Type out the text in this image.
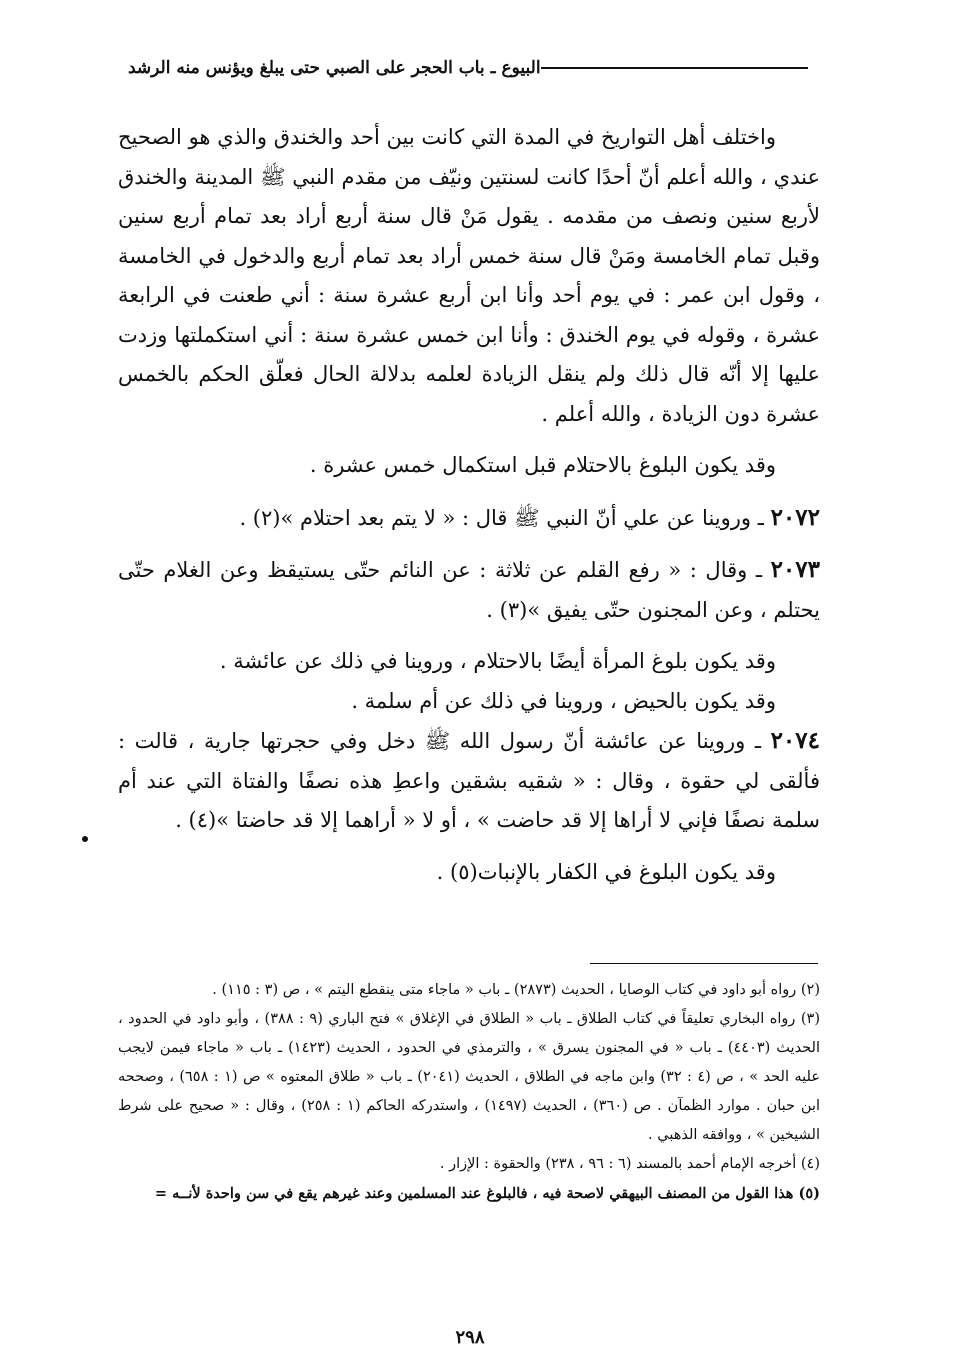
البيوع ـ باب الحجر على الصبي حتى يبلغ ويؤنس منه الرشد

واختلف أهل التواريخ في المدة التي كانت بين أحد والخندق والذي هو الصحيح عندي ، والله أعلم أنّ أحدًا كانت لسنتين ونيّف من مقدم النبي ﷺ المدينة والخندق لأربع سنين ونصف من مقدمه . يقول مَنْ قال سنة أربع أراد بعد تمام أربع سنين وقبل تمام الخامسة ومَنْ قال سنة خمس أراد بعد تمام أربع والدخول في الخامسة ، وقول ابن عمر : في يوم أحد وأنا ابن أربع عشرة سنة : أني طعنت في الرابعة عشرة ، وقوله في يوم الخندق : وأنا ابن خمس عشرة سنة : أني استكملتها وزدت عليها إلا أنّه قال ذلك ولم ينقل الزيادة لعلمه بدلالة الحال فعلّق الحكم بالخمس عشرة دون الزيادة ، والله أعلم .

وقد يكون البلوغ بالاحتلام قبل استكمال خمس عشرة .

٢٠٧٢ ـ وروينا عن علي أنّ النبي ﷺ قال : « لا يتم بعد احتلام »(٢) .

٢٠٧٣ ـ وقال : « رفع القلم عن ثلاثة : عن النائم حتّى يستيقظ وعن الغلام حتّى يحتلم ، وعن المجنون حتّى يفيق »(٣) .

وقد يكون بلوغ المرأة أيضًا بالاحتلام ، وروينا في ذلك عن عائشة .

وقد يكون بالحيض ، وروينا في ذلك عن أم سلمة .

٢٠٧٤ ـ وروينا عن عائشة أنّ رسول الله ﷺ دخل وفي حجرتها جارية ، قالت : فألقى لي حقوة ، وقال : « شقيه بشقين واعطِ هذه نصفًا والفتاة التي عند أم سلمة نصفًا فإني لا أراها إلا قد حاضت » ، أو لا « أراهما إلا قد حاضتا »(٤) .

وقد يكون البلوغ في الكفار بالإنبات(٥) .

(٢) رواه أبو داود في كتاب الوصايا ، الحديث (٢٨٧٣) ـ باب « ماجاء متى ينقطع اليتم » ، ص (٣ : ١١٥) .

(٣) رواه البخاري تعليقاً في كتاب الطلاق ـ باب « الطلاق في الإغلاق » فتح الباري (٩ : ٣٨٨) ، وأبو داود في الحدود ، الحديث (٤٤٠٣) ـ باب « في المجنون يسرق » ، والترمذي في الحدود ، الحديث (١٤٢٣) ـ باب « ماجاء فيمن لايجب عليه الحد » ، ص (٤ : ٣٢) وابن ماجه في الطلاق ، الحديث (٢٠٤١) ـ باب « طلاق المعتوه » ص (١ : ٦٥٨) ، وصححه ابن حبان . موارد الظمآن . ص (٣٦٠) ، الحديث (١٤٩٧) ، واستدركه الحاكم (١ : ٢٥٨) ، وقال : « صحيح على شرط الشيخين » ، ووافقه الذهبي .

(٤) أخرجه الإمام أحمد بالمسند (٦ : ٩٦ ، ٢٣٨) والحقوة : الإزار .

(٥) هذا القول من المصنف البيهقي لاصحة فيه ، فالبلوغ عند المسلمين وعند غيرهم يقع في سن واحدة لأنــه =

٢٩٨
